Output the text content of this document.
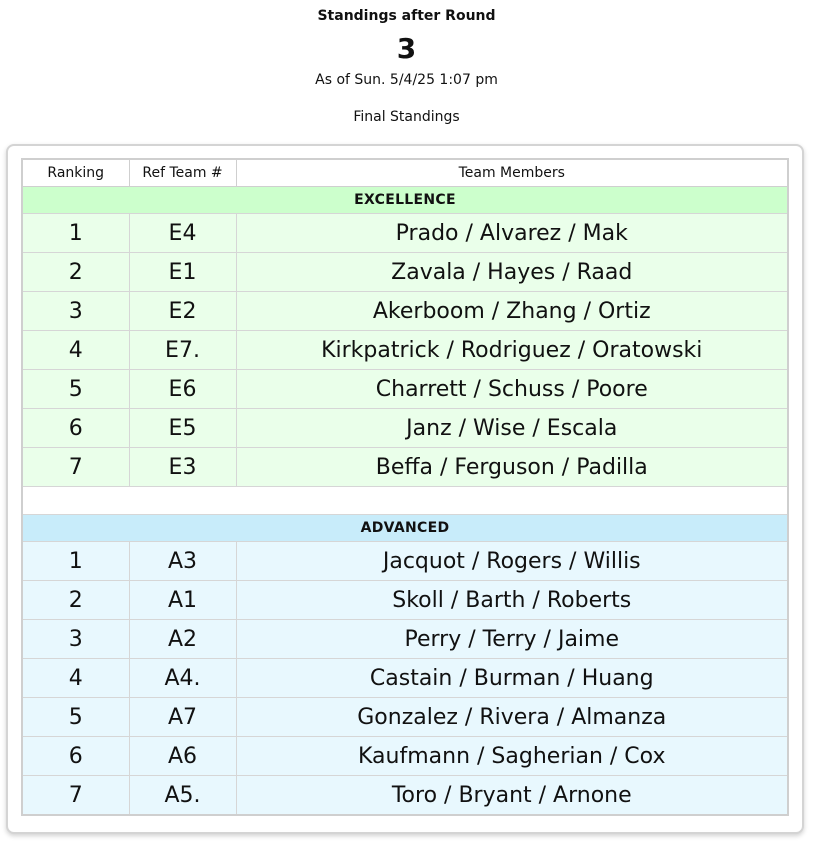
Standings after Round
3
As of Sun. 5/4/25 1:07 pm
Final Standings
Ranking	Ref Team #	Team Members
EXCELLENCE		
1	E4	Prado / Alvarez / Mak
2	E1	Zavala / Hayes / Raad
3	E2	Akerboom / Zhang / Ortiz
4	E7.	Kirkpatrick / Rodriguez / Oratowski
5	E6	Charrett / Schuss / Poore
6	E5	Janz / Wise / Escala
7	E3	Beffa / Ferguson / Padilla

ADVANCED		
1	A3	Jacquot / Rogers / Willis
2	A1	Skoll / Barth / Roberts
3	A2	Perry / Terry / Jaime
4	A4.	Castain / Burman / Huang
5	A7	Gonzalez / Rivera / Almanza
6	A6	Kaufmann / Sagherian / Cox
7	A5.	Toro / Bryant / Arnone
